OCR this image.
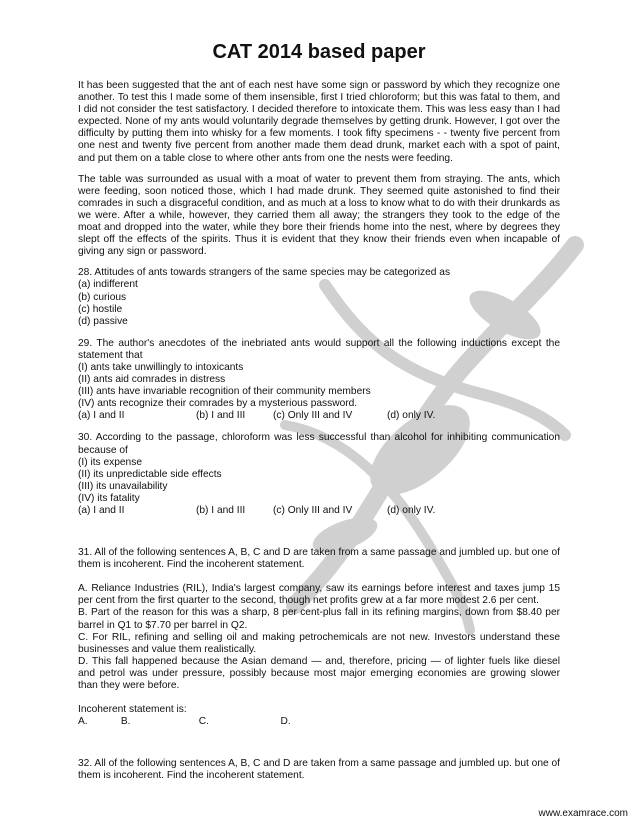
CAT 2014 based paper

It has been suggested that the ant of each nest have some sign or password by which they recognize one another. To test this I made some of them insensible, first I tried chloroform; but this was fatal to them, and I did not consider the test satisfactory. I decided therefore to intoxicate them. This was less easy than I had expected. None of my ants would voluntarily degrade themselves by getting drunk. However, I got over the difficulty by putting them into whisky for a few moments. I took fifty specimens - - twenty five percent from one nest and twenty five percent from another made them dead drunk, market each with a spot of paint, and put them on a table close to where other ants from one the nests were feeding.

The table was surrounded as usual with a moat of water to prevent them from straying. The ants, which were feeding, soon noticed those, which I had made drunk. They seemed quite astonished to find their comrades in such a disgraceful condition, and as much at a loss to know what to do with their drunkards as we were. After a while, however, they carried them all away; the strangers they took to the edge of the moat and dropped into the water, while they bore their friends home into the nest, where by degrees they slept off the effects of the spirits. Thus it is evident that they know their friends even when incapable of giving any sign or password.

28. Attitudes of ants towards strangers of the same species may be categorized as
(a) indifferent
(b) curious
(c) hostile
(d) passive
29. The author's anecdotes of the inebriated ants would support all the following inductions except the statement that
(I) ants take unwillingly to intoxicants
(II) ants aid comrades in distress
(III) ants have invariable recognition of their community members
(IV) ants recognize their comrades by a mysterious password.
(a) I and II	(b) I and III	(c) Only III and IV	(d) only IV.
30. According to the passage, chloroform was less successful than alcohol for inhibiting communication because of
(I) its expense
(II) its unpredictable side effects
(III) its unavailability
(IV) its fatality
(a) I and II	(b) I and III	(c) Only III and IV	(d) only IV.
31. All of the following sentences A, B, C and D are taken from a same passage and jumbled up. but one of them is incoherent. Find the incoherent statement.
A. Reliance Industries (RIL), India's largest company, saw its earnings before interest and taxes jump 15 per cent from the first quarter to the second, though net profits grew at a far more modest 2.6 per cent.
B. Part of the reason for this was a sharp, 8 per cent-plus fall in its refining margins, down from $8.40 per barrel in Q1 to $7.70 per barrel in Q2.
C. For RIL, refining and selling oil and making petrochemicals are not new. Investors understand these businesses and value them realistically.
D. This fall happened because the Asian demand — and, therefore, pricing — of lighter fuels like diesel and petrol was under pressure, possibly because most major emerging economies are growing slower than they were before.
Incoherent statement is:
A.	B.	C.	D.
32. All of the following sentences A, B, C and D are taken from a same passage and jumbled up. but one of them is incoherent. Find the incoherent statement.
www.examrace.com
